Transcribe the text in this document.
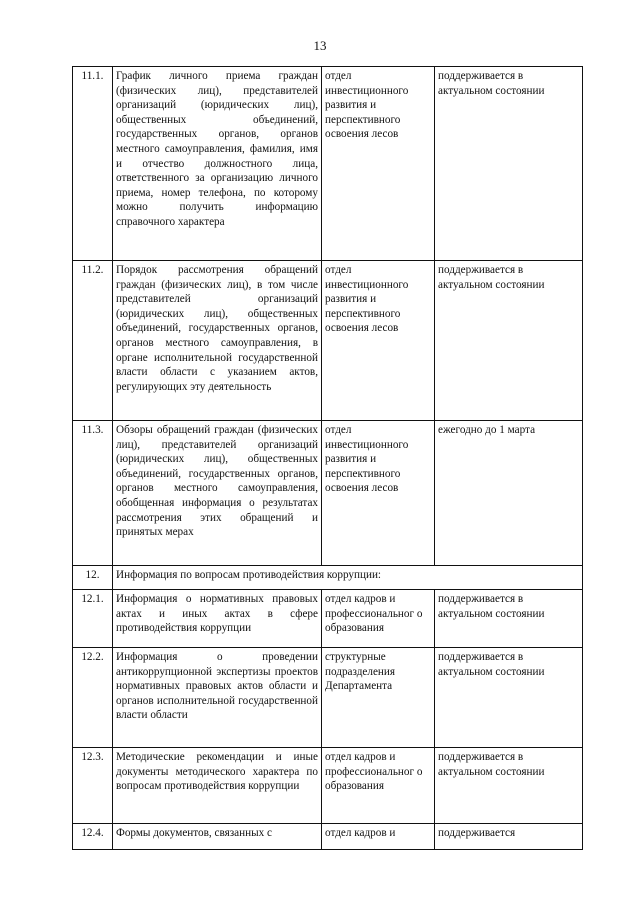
13
11.1.	График личного приема граждан (физических лиц), представителей организаций (юридических лиц), общественных объединений, государственных органов, органов местного самоуправления, фамилия, имя и отчество должностного лица, ответственного за организацию личного приема, номер телефона, по которому можно получить информацию справочного характера	отдел инвестиционного развития и перспективного освоения лесов	поддерживается в актуальном состоянии
11.2.	Порядок рассмотрения обращений граждан (физических лиц), в том числе представителей организаций (юридических лиц), общественных объединений, государственных органов, органов местного самоуправления, в органе исполнительной государственной власти области с указанием актов, регулирующих эту деятельность	отдел инвестиционного развития и перспективного освоения лесов	поддерживается в актуальном состоянии
11.3.	Обзоры обращений граждан (физических лиц), представителей организаций (юридических лиц), общественных объединений, государственных органов, органов местного самоуправления, обобщенная информация о результатах рассмотрения этих обращений и принятых мерах	отдел инвестиционного развития и перспективного освоения лесов	ежегодно до 1 марта
12.	Информация по вопросам противодействия коррупции:		
12.1.	Информация о нормативных правовых актах и иных актах в сфере противодействия коррупции	отдел кадров и профессиональног о образования	поддерживается в актуальном состоянии
12.2.	Информация о проведении антикоррупционной экспертизы проектов нормативных правовых актов области и органов исполнительной государственной власти области	структурные подразделения Департамента	поддерживается в актуальном состоянии
12.3.	Методические рекомендации и иные документы методического характера по вопросам противодействия коррупции	отдел кадров и профессиональног о образования	поддерживается в актуальном состоянии
12.4.	Формы документов, связанных с	отдел кадров и	поддерживается
